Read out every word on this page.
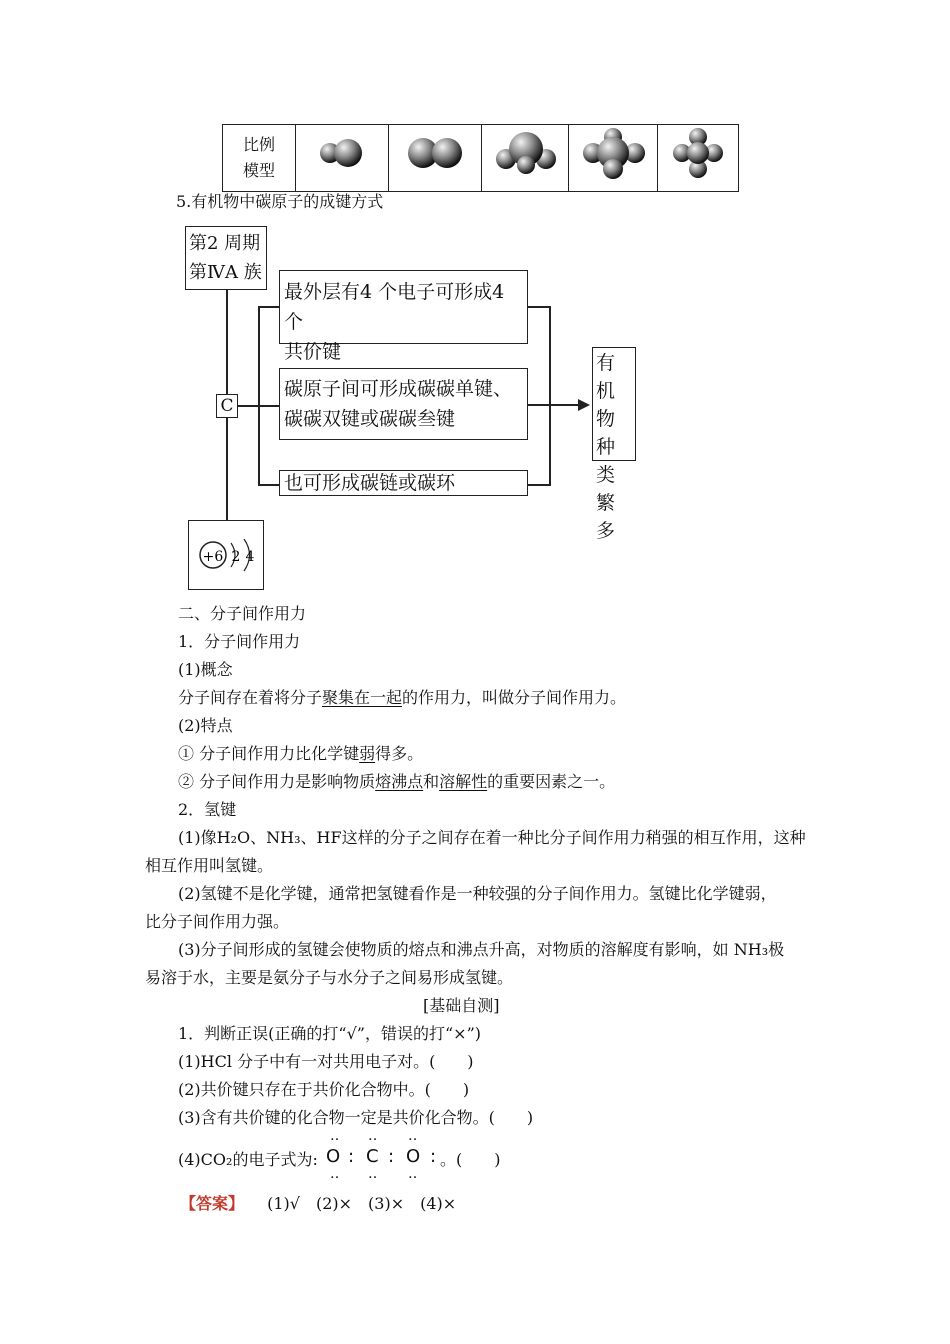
比例
模型

5.有机物中碳原子的成键方式
第2 周期
第ⅣA 族
C
最外层有4 个电子可形成4 个
共价键
碳原子间可形成碳碳单键、
碳碳双键或碳碳叁键
也可形成碳链或碳环
有机
物种
类繁
多
+6 2 4
二、分子间作用力
1．分子间作用力
(1)概念
分子间存在着将分子聚集在一起的作用力，叫做分子间作用力。
(2)特点
① 分子间作用力比化学键弱得多。
② 分子间作用力是影响物质熔沸点和溶解性的重要因素之一。
2．氢键
(1)像H₂O、NH₃、HF这样的分子之间存在着一种比分子间作用力稍强的相互作用，这种
相互作用叫氢键。
(2)氢键不是化学键，通常把氢键看作是一种较强的分子间作用力。氢键比化学键弱，
比分子间作用力强。
(3)分子间形成的氢键会使物质的熔点和沸点升高，对物质的溶解度有影响，如 NH₃极
易溶于水，主要是氨分子与水分子之间易形成氢键。
[基础自测]
1．判断正误(正确的打“√”，错误的打“×”)
(1)HCl 分子中有一对共用电子对。(　　)
(2)共价键只存在于共价化合物中。(　　)
(3)含有共价键的化合物一定是共价化合物。(　　)
(4)CO₂的电子式为:
‥ ‥ ‥
O : C : O :
‥ ‥ ‥
。(　　)
【答案】 (1)√　(2)×　(3)×　(4)×
